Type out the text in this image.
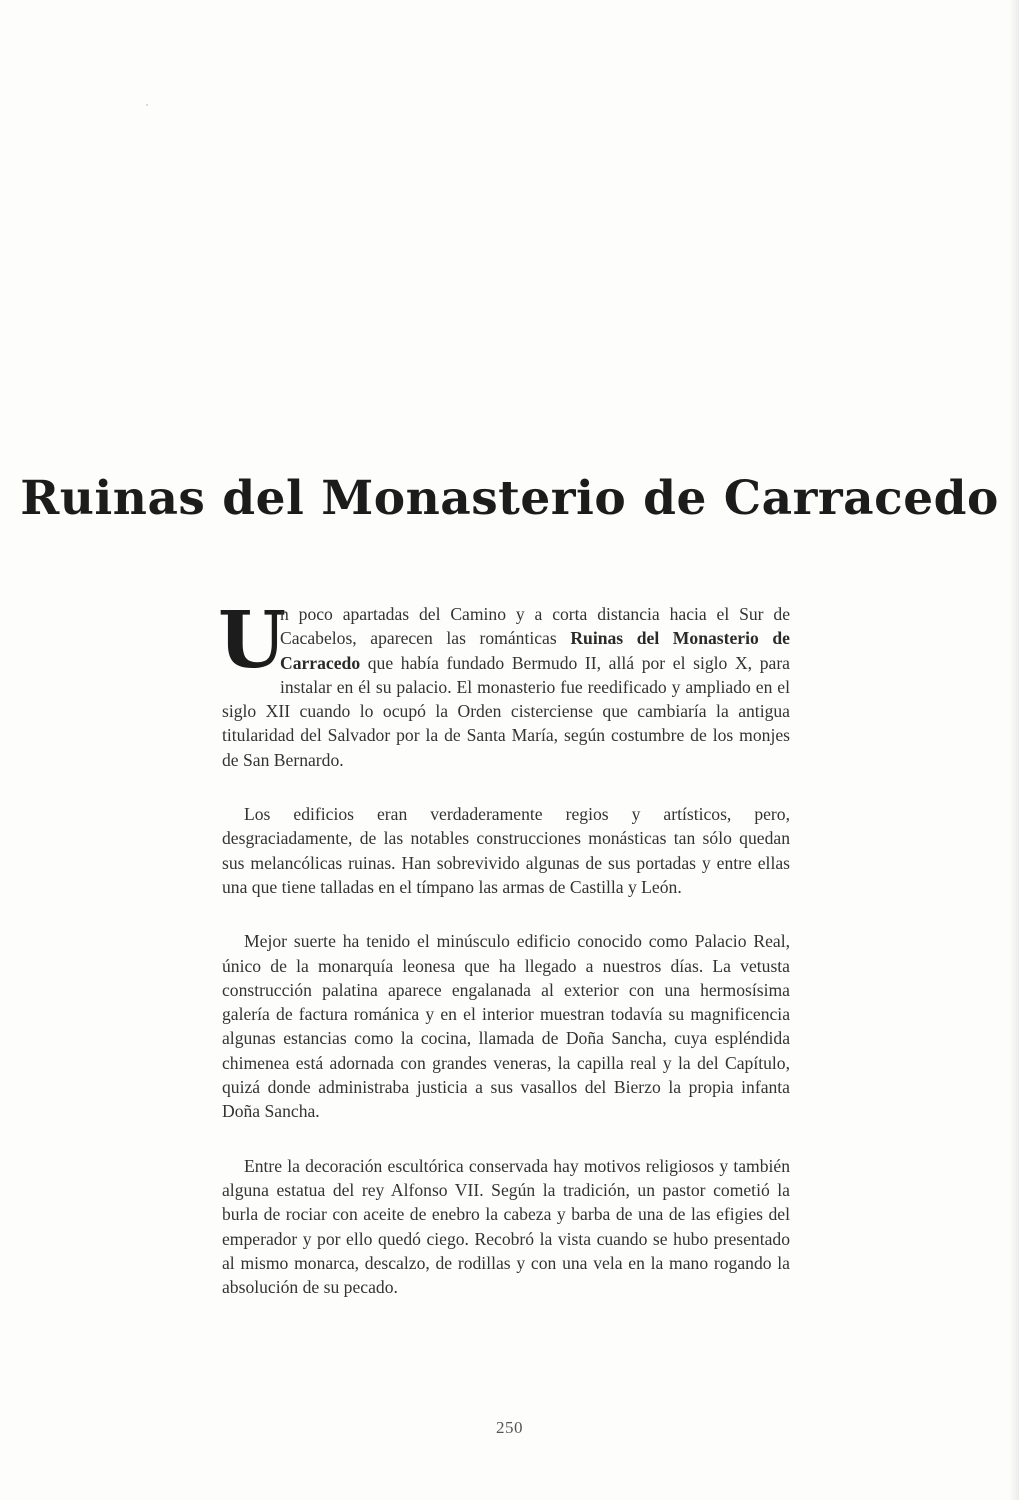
Ruinas del Monasterio de Carracedo

U
n poco apartadas del Camino y a corta distancia hacia el Sur de Cacabelos, aparecen las románticas Ruinas del Monasterio de Carracedo que había fundado Bermudo II, allá por el siglo X, para instalar en él su palacio. El monasterio fue reedificado y ampliado en el siglo XII cuando lo ocupó la Orden cisterciense que cambiaría la antigua titularidad del Salvador por la de Santa María, según costumbre de los monjes de San Bernardo.

Los edificios eran verdaderamente regios y artísticos, pero, desgraciadamente, de las notables construcciones monásticas tan sólo quedan sus melancólicas ruinas. Han sobrevivido algunas de sus portadas y entre ellas una que tiene talladas en el tímpano las armas de Castilla y León.

Mejor suerte ha tenido el minúsculo edificio conocido como Palacio Real, único de la monarquía leonesa que ha llegado a nuestros días. La vetusta construcción palatina aparece engalanada al exterior con una hermosísima galería de factura románica y en el interior muestran todavía su magnificencia algunas estancias como la cocina, llamada de Doña Sancha, cuya espléndida chimenea está adornada con grandes veneras, la capilla real y la del Capítulo, quizá donde administraba justicia a sus vasallos del Bierzo la propia infanta Doña Sancha.

Entre la decoración escultórica conservada hay motivos religiosos y también alguna estatua del rey Alfonso VII. Según la tradición, un pastor cometió la burla de rociar con aceite de enebro la cabeza y barba de una de las efigies del emperador y por ello quedó ciego. Recobró la vista cuando se hubo presentado al mismo monarca, descalzo, de rodillas y con una vela en la mano rogando la absolución de su pecado.

250
